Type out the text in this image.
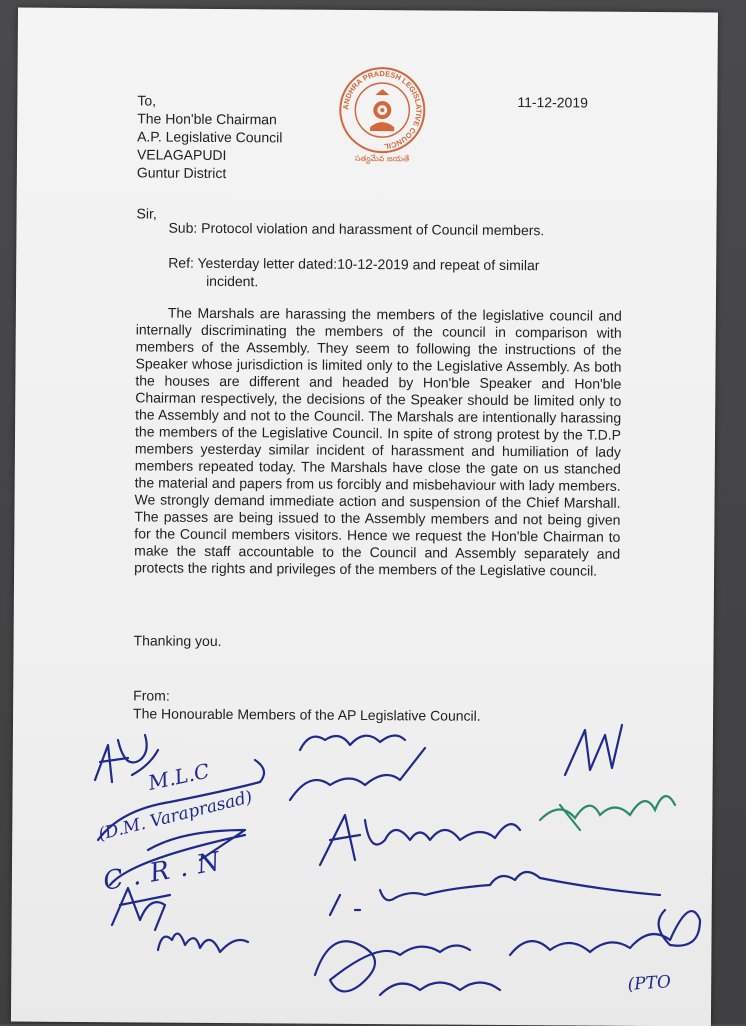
To,
The Hon'ble Chairman
A.P. Legislative Council
VELAGAPUDI
Guntur District
ANDHRA PRADESH LEGISLATIVE COUNCIL
సత్యమేవ జయతే
11-12-2019
Sir,
Sub: Protocol violation and harassment of Council members.
Ref: Yesterday letter dated:10-12-2019 and repeat of similar
incident.
The Marshals are harassing the members of the legislative council and internally discriminating the members of the council in comparison with members of the Assembly. They seem to following the instructions of the Speaker whose jurisdiction is limited only to the Legislative Assembly. As both the houses are different and headed by Hon'ble Speaker and Hon'ble Chairman respectively, the decisions of the Speaker should be limited only to the Assembly and not to the Council. The Marshals are intentionally harassing the members of the Legislative Council. In spite of strong protest by the T.D.P members yesterday similar incident of harassment and humiliation of lady members repeated today. The Marshals have close the gate on us stanched the material and papers from us forcibly and misbehaviour with lady members. We strongly demand immediate action and suspension of the Chief Marshall. The passes are being issued to the Assembly members and not being given for the Council members visitors. Hence we request the Hon'ble Chairman to make the staff accountable to the Council and Assembly separately and protects the rights and privileges of the members of the Legislative council.
Thanking you.
From:
The Honourable Members of the AP Legislative Council.
M.L.C
(D.M. Varaprasad)
C.R.N
(PTO
